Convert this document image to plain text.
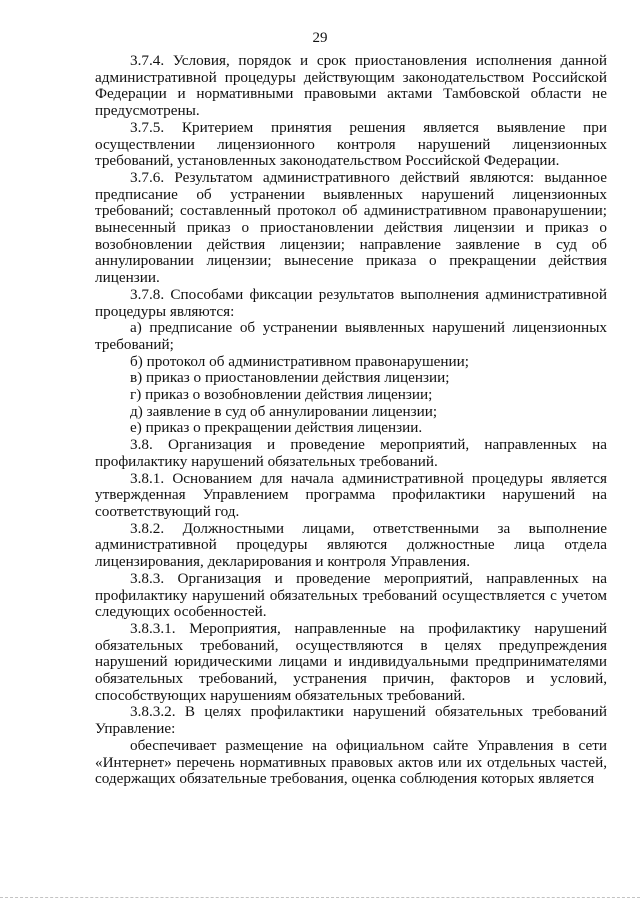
29

3.7.4. Условия, порядок и срок приостановления исполнения данной административной процедуры действующим законодательством Российской Федерации и нормативными правовыми актами Тамбовской области не предусмотрены.

3.7.5. Критерием принятия решения является выявление при осуществлении лицензионного контроля нарушений лицензионных требований, установленных законодательством Российской Федерации.

3.7.6. Результатом административного действий являются: выданное предписание об устранении выявленных нарушений лицензионных требований; составленный протокол об административном правонарушении; вынесенный приказ о приостановлении действия лицензии и приказ о возобновлении действия лицензии; направление заявление в суд об аннулировании лицензии; вынесение приказа о прекращении действия лицензии.

3.7.8. Способами фиксации результатов выполнения административной процедуры являются:

а) предписание об устранении выявленных нарушений лицензионных требований;

б) протокол об административном правонарушении;

в) приказ о приостановлении действия лицензии;

г) приказ о возобновлении действия лицензии;

д) заявление в суд об аннулировании лицензии;

е) приказ о прекращении действия лицензии.

3.8. Организация и проведение мероприятий, направленных на профилактику нарушений обязательных требований.

3.8.1. Основанием для начала административной процедуры является утвержденная Управлением программа профилактики нарушений на соответствующий год.

3.8.2. Должностными лицами, ответственными за выполнение административной процедуры являются должностные лица отдела лицензирования, декларирования и контроля Управления.

3.8.3. Организация и проведение мероприятий, направленных на профилактику нарушений обязательных требований осуществляется с учетом следующих особенностей.

3.8.3.1. Мероприятия, направленные на профилактику нарушений обязательных требований, осуществляются в целях предупреждения нарушений юридическими лицами и индивидуальными предпринимателями обязательных требований, устранения причин, факторов и условий, способствующих нарушениям обязательных требований.

3.8.3.2. В целях профилактики нарушений обязательных требований Управление:

обеспечивает размещение на официальном сайте Управления в сети «Интернет» перечень нормативных правовых актов или их отдельных частей, содержащих обязательные требования, оценка соблюдения которых является
